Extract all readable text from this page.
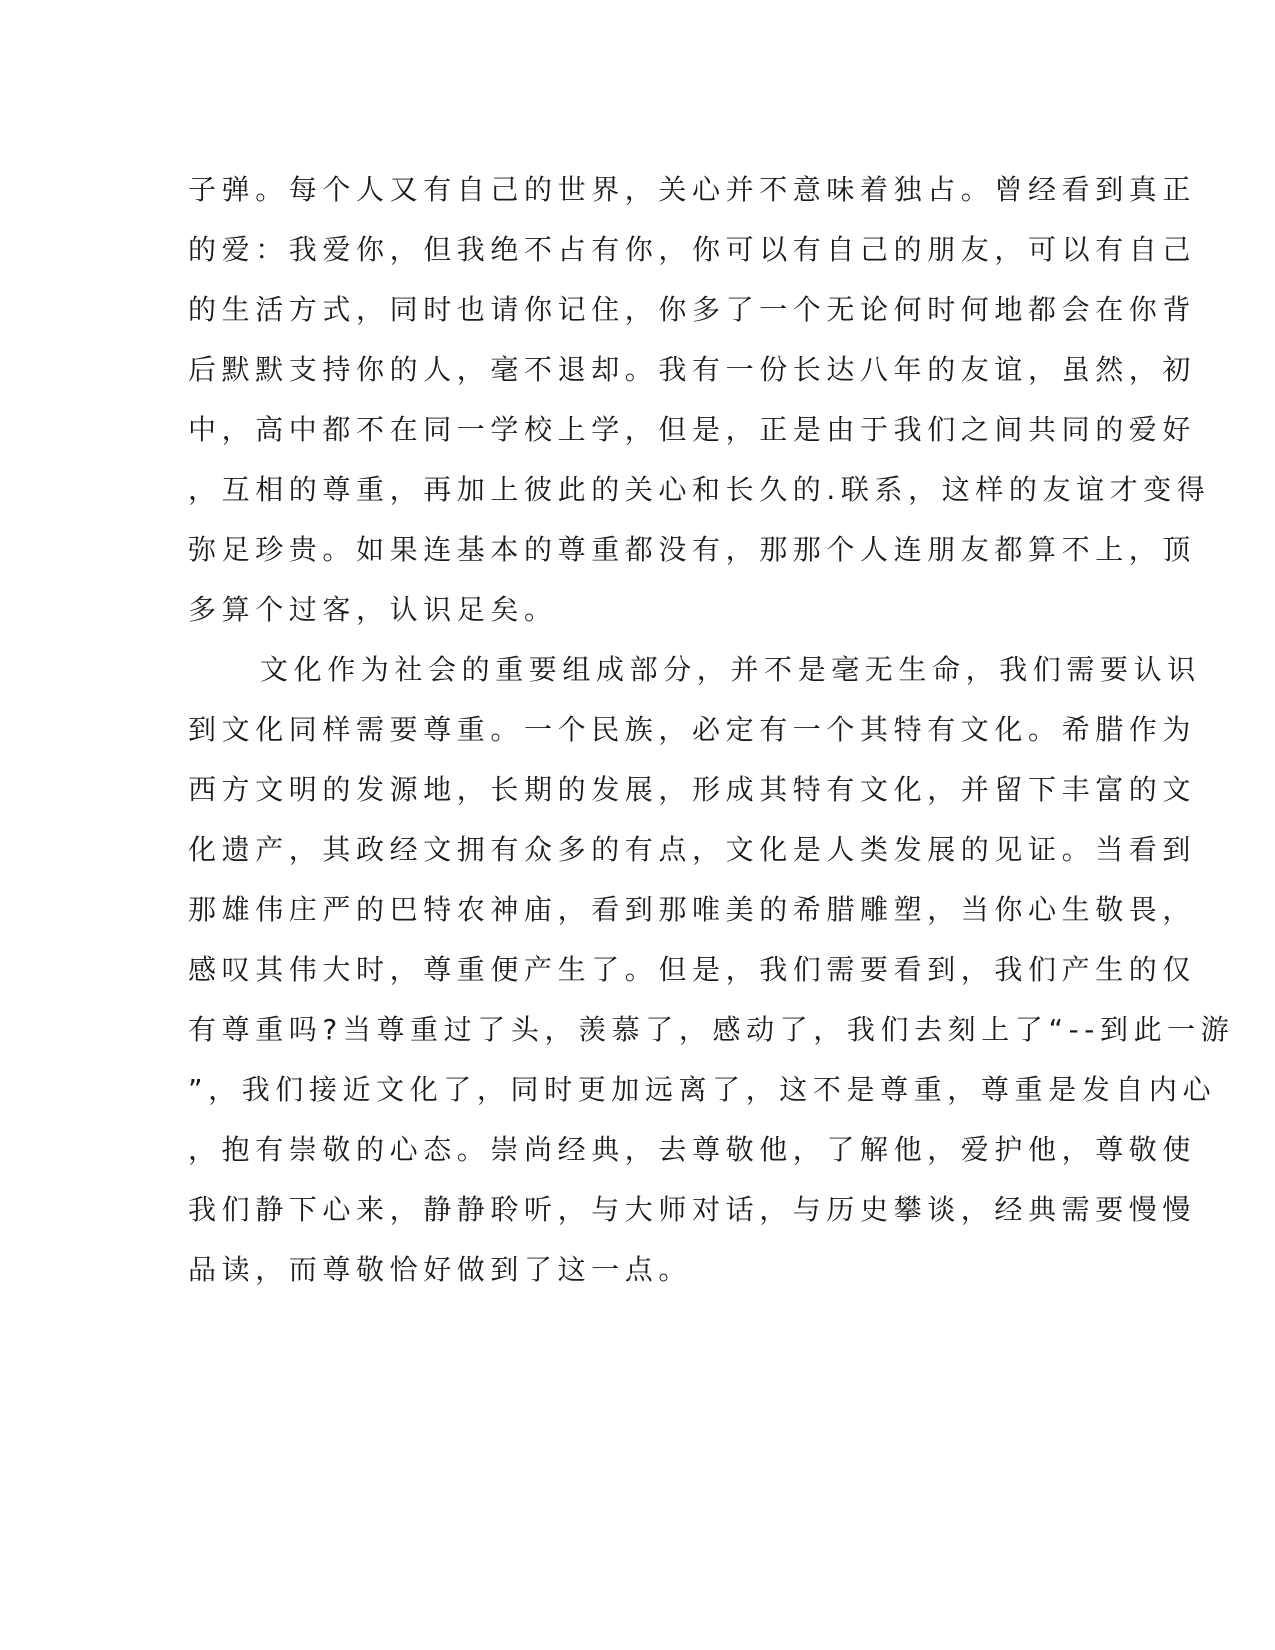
子弹。每个人又有自己的世界，关心并不意味着独占。曾经看到真正
的爱：我爱你，但我绝不占有你，你可以有自己的朋友，可以有自己
的生活方式，同时也请你记住，你多了一个无论何时何地都会在你背
后默默支持你的人，毫不退却。我有一份长达八年的友谊，虽然，初
中，高中都不在同一学校上学，但是，正是由于我们之间共同的爱好
，互相的尊重，再加上彼此的关心和长久的.联系，这样的友谊才变得
弥足珍贵。如果连基本的尊重都没有，那那个人连朋友都算不上，顶
多算个过客，认识足矣。
文化作为社会的重要组成部分，并不是毫无生命，我们需要认识
到文化同样需要尊重。一个民族，必定有一个其特有文化。希腊作为
西方文明的发源地，长期的发展，形成其特有文化，并留下丰富的文
化遗产，其政经文拥有众多的有点，文化是人类发展的见证。当看到
那雄伟庄严的巴特农神庙，看到那唯美的希腊雕塑，当你心生敬畏，
感叹其伟大时，尊重便产生了。但是，我们需要看到，我们产生的仅
有尊重吗?当尊重过了头，羡慕了，感动了，我们去刻上了“--到此一游
”，我们接近文化了，同时更加远离了，这不是尊重，尊重是发自内心
，抱有崇敬的心态。崇尚经典，去尊敬他，了解他，爱护他，尊敬使
我们静下心来，静静聆听，与大师对话，与历史攀谈，经典需要慢慢
品读，而尊敬恰好做到了这一点。
